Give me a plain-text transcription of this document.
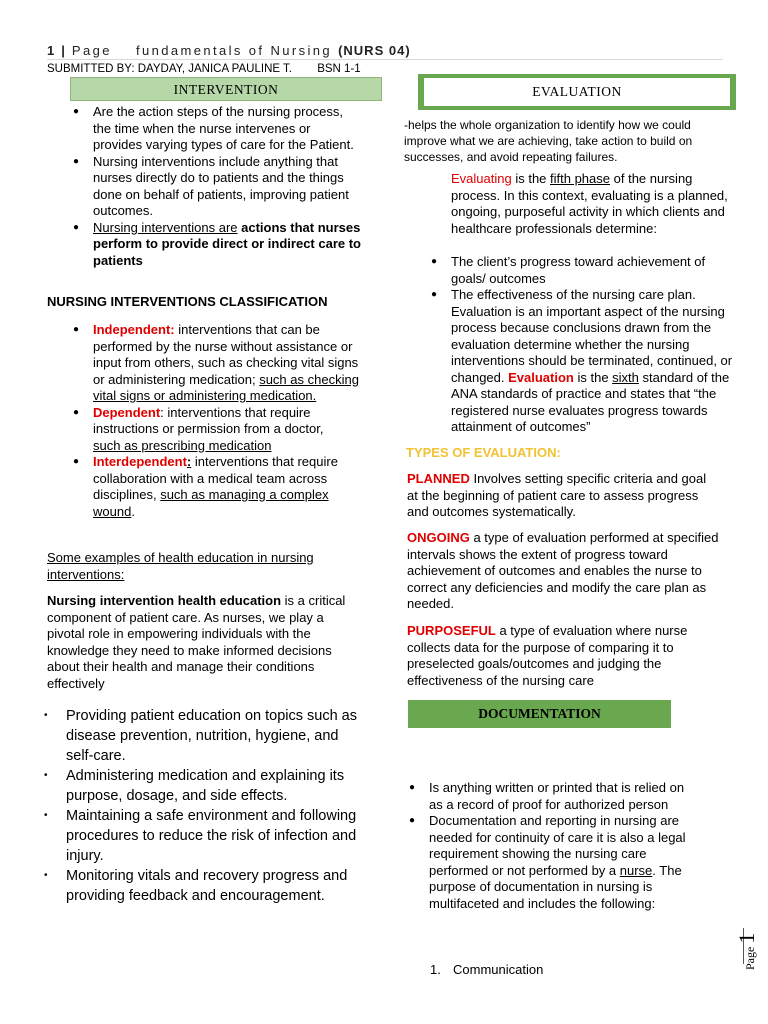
1 | Page fundamentals of Nursing (NURS 04)
SUBMITTED BY: DAYDAY, JANICA PAULINE T. BSN 1-1
INTERVENTION
● Are the action steps of the nursing process, the time when the nurse intervenes or provides varying types of care for the Patient.
● Nursing interventions include anything that nurses directly do to patients and the things done on behalf of patients, improving patient outcomes.
● Nursing interventions are actions that nurses perform to provide direct or indirect care to patients
NURSING INTERVENTIONS CLASSIFICATION
● Independent: interventions that can be performed by the nurse without assistance or input from others, such as checking vital signs or administering medication; such as checking vital signs or administering medication.
● Dependent: interventions that require instructions or permission from a doctor,
such as prescribing medication
● Interdependent: interventions that require collaboration with a medical team across disciplines, such as managing a complex wound.
Some examples of health education in nursing interventions:
Nursing intervention health education is a critical component of patient care. As nurses, we play a pivotal role in empowering individuals with the knowledge they need to make informed decisions about their health and manage their conditions effectively
• Providing patient education on topics such as disease prevention, nutrition, hygiene, and self-care.
• Administering medication and explaining its purpose, dosage, and side effects.
• Maintaining a safe environment and following procedures to reduce the risk of infection and injury.
• Monitoring vitals and recovery progress and providing feedback and encouragement.
EVALUATION
-helps the whole organization to identify how we could improve what we are achieving, take action to build on successes, and avoid repeating failures.
Evaluating is the fifth phase of the nursing process. In this context, evaluating is a planned, ongoing, purposeful activity in which clients and healthcare professionals determine:
● The client’s progress toward achievement of goals/ outcomes
● The effectiveness of the nursing care plan. Evaluation is an important aspect of the nursing process because conclusions drawn from the evaluation determine whether the nursing interventions should be terminated, continued, or changed. Evaluation is the sixth standard of the ANA standards of practice and states that “the registered nurse evaluates progress towards attainment of outcomes”
TYPES OF EVALUATION:
PLANNED Involves setting specific criteria and goal at the beginning of patient care to assess progress and outcomes systematically.
ONGOING a type of evaluation performed at specified intervals shows the extent of progress toward achievement of outcomes and enables the nurse to correct any deficiencies and modify the care plan as needed.
PURPOSEFUL a type of evaluation where nurse collects data for the purpose of comparing it to preselected goals/outcomes and judging the effectiveness of the nursing care
DOCUMENTATION
● Is anything written or printed that is relied on as a record of proof for authorized person
● Documentation and reporting in nursing are needed for continuity of care it is also a legal requirement showing the nursing care performed or not performed by a nurse. The purpose of documentation in nursing is multifaceted and includes the following:
1. Communication	Page 1
